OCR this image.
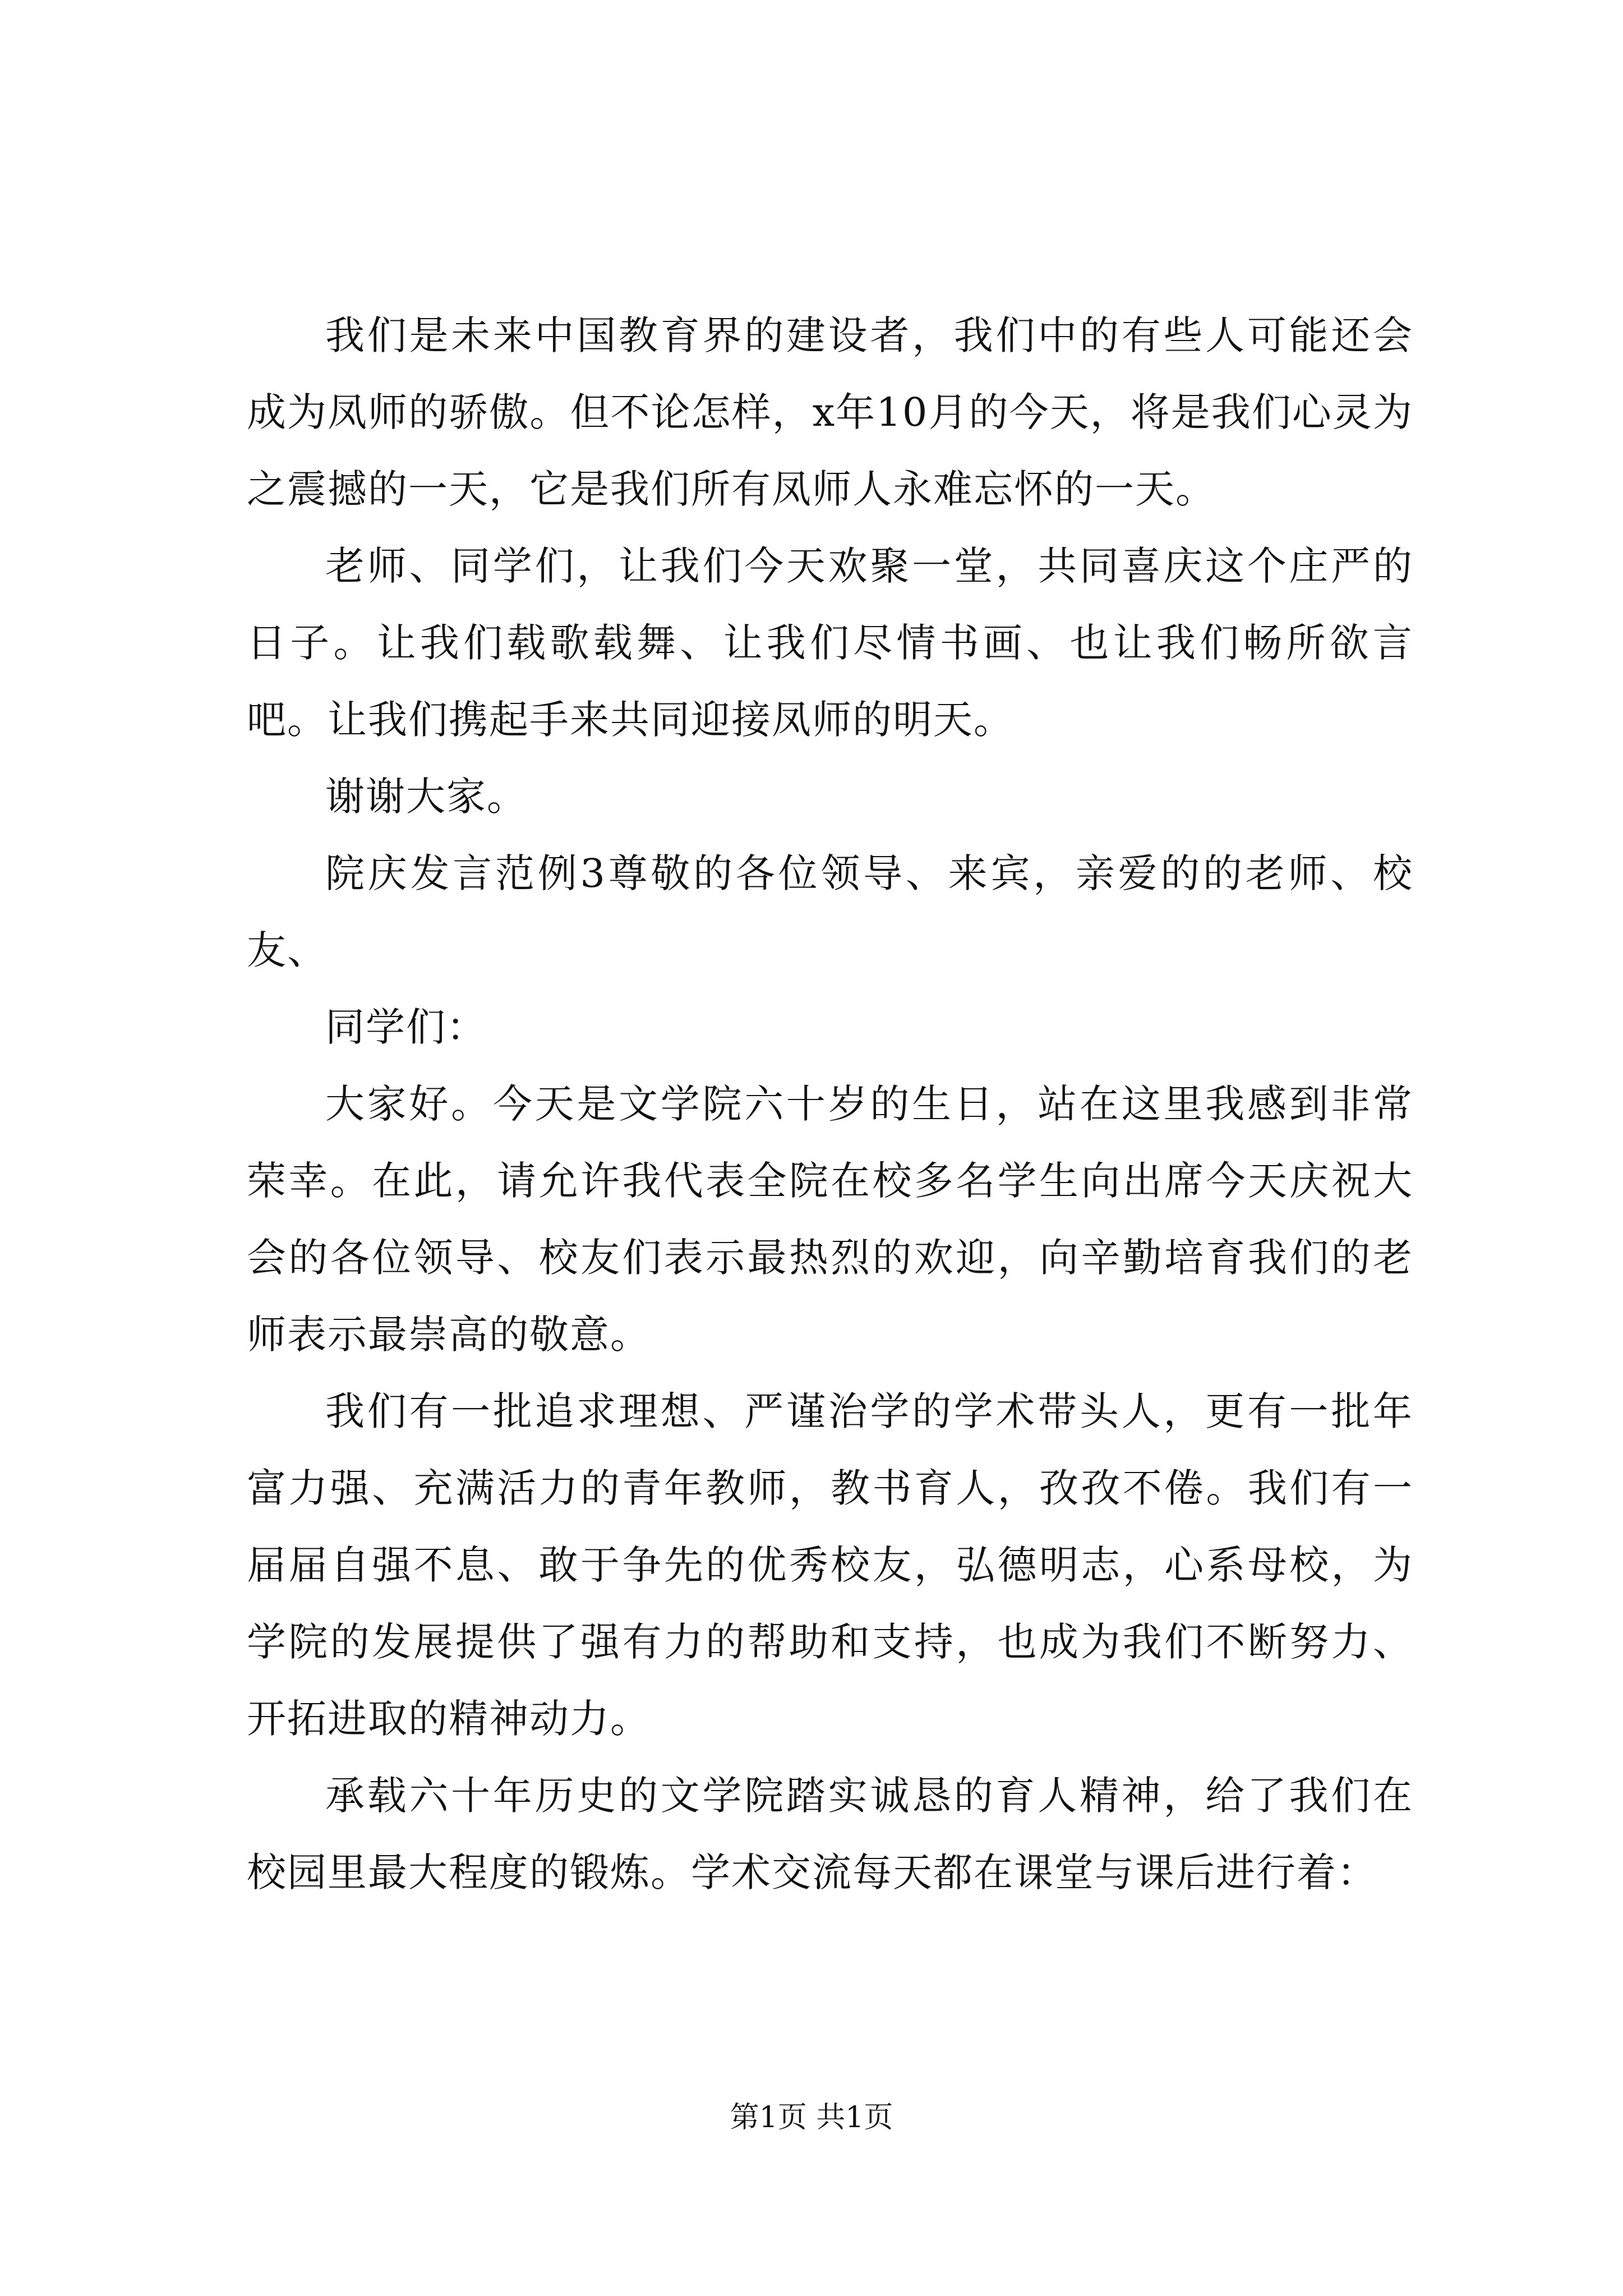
我们是未来中国教育界的建设者，我们中的有些人可能还会成为凤师的骄傲。但不论怎样，x年10月的今天，将是我们心灵为之震撼的一天，它是我们所有凤师人永难忘怀的一天。

老师、同学们，让我们今天欢聚一堂，共同喜庆这个庄严的日子。让我们载歌载舞、让我们尽情书画、也让我们畅所欲言吧。让我们携起手来共同迎接凤师的明天。

谢谢大家。

院庆发言范例3尊敬的各位领导、来宾，亲爱的的老师、校友、

同学们：

大家好。今天是文学院六十岁的生日，站在这里我感到非常荣幸。在此，请允许我代表全院在校多名学生向出席今天庆祝大会的各位领导、校友们表示最热烈的欢迎，向辛勤培育我们的老师表示最崇高的敬意。

我们有一批追求理想、严谨治学的学术带头人，更有一批年富力强、充满活力的青年教师，教书育人，孜孜不倦。我们有一届届自强不息、敢于争先的优秀校友，弘德明志，心系母校，为学院的发展提供了强有力的帮助和支持，也成为我们不断努力、开拓进取的精神动力。

承载六十年历史的文学院踏实诚恳的育人精神，给了我们在校园里最大程度的锻炼。学术交流每天都在课堂与课后进行着：

第1页 共1页
